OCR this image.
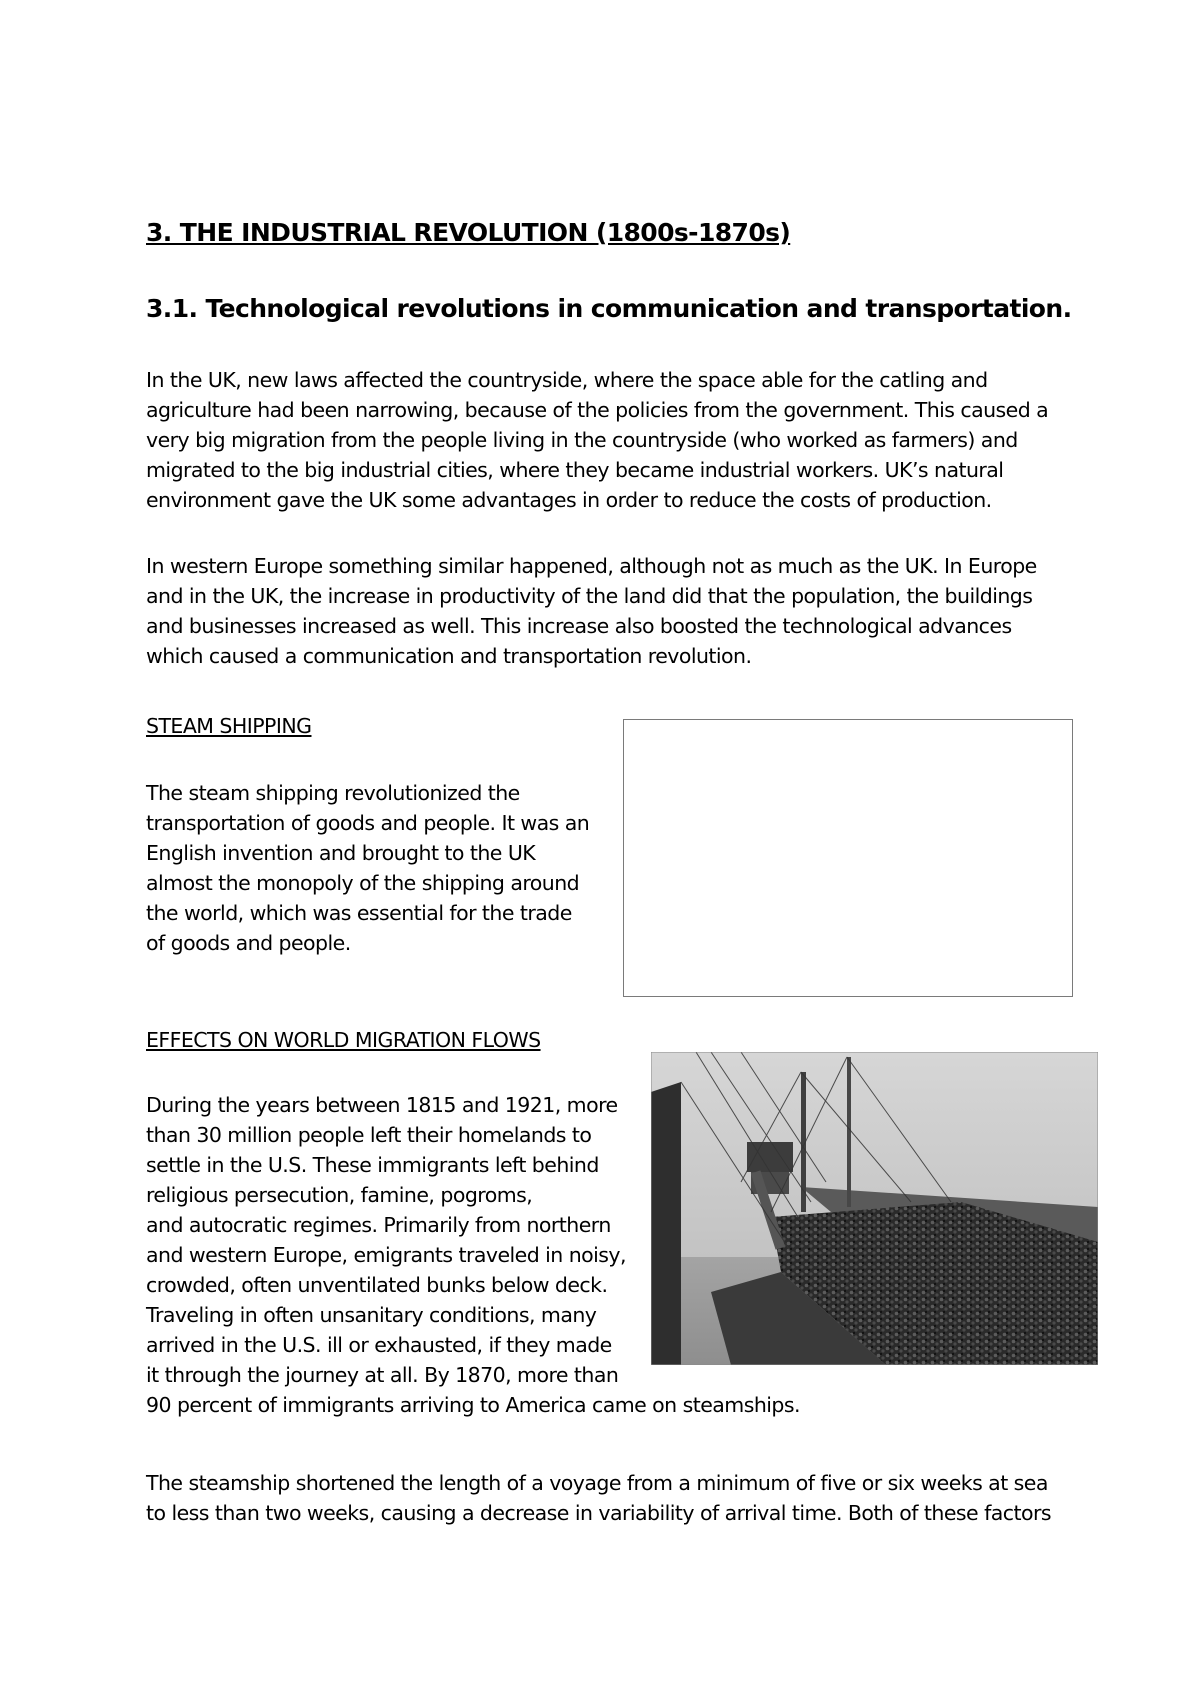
3. THE INDUSTRIAL REVOLUTION (1800s-1870s)
3.1. Technological revolutions in communication and transportation.

In the UK, new laws affected the countryside, where the space able for the catling and
agriculture had been narrowing, because of the policies from the government. This caused a
very big migration from the people living in the countryside (who worked as farmers) and
migrated to the big industrial cities, where they became industrial workers. UK’s natural
environment gave the UK some advantages in order to reduce the costs of production.

In western Europe something similar happened, although not as much as the UK. In Europe
and in the UK, the increase in productivity of the land did that the population, the buildings
and businesses increased as well. This increase also boosted the technological advances
which caused a communication and transportation revolution.

STEAM SHIPPING

The steam shipping revolutionized the
transportation of goods and people. It was an
English invention and brought to the UK
almost the monopoly of the shipping around
the world, which was essential for the trade
of goods and people.

EFFECTS ON WORLD MIGRATION FLOWS

During the years between 1815 and 1921, more
than 30 million people left their homelands to
settle in the U.S. These immigrants left behind
religious persecution, famine, pogroms,
and autocratic regimes. Primarily from northern
and western Europe, emigrants traveled in noisy,
crowded, often unventilated bunks below deck.
Traveling in often unsanitary conditions, many
arrived in the U.S. ill or exhausted, if they made
it through the journey at all. By 1870, more than
90 percent of immigrants arriving to America came on steamships.

The steamship shortened the length of a voyage from a minimum of five or six weeks at sea
to less than two weeks, causing a decrease in variability of arrival time. Both of these factors
